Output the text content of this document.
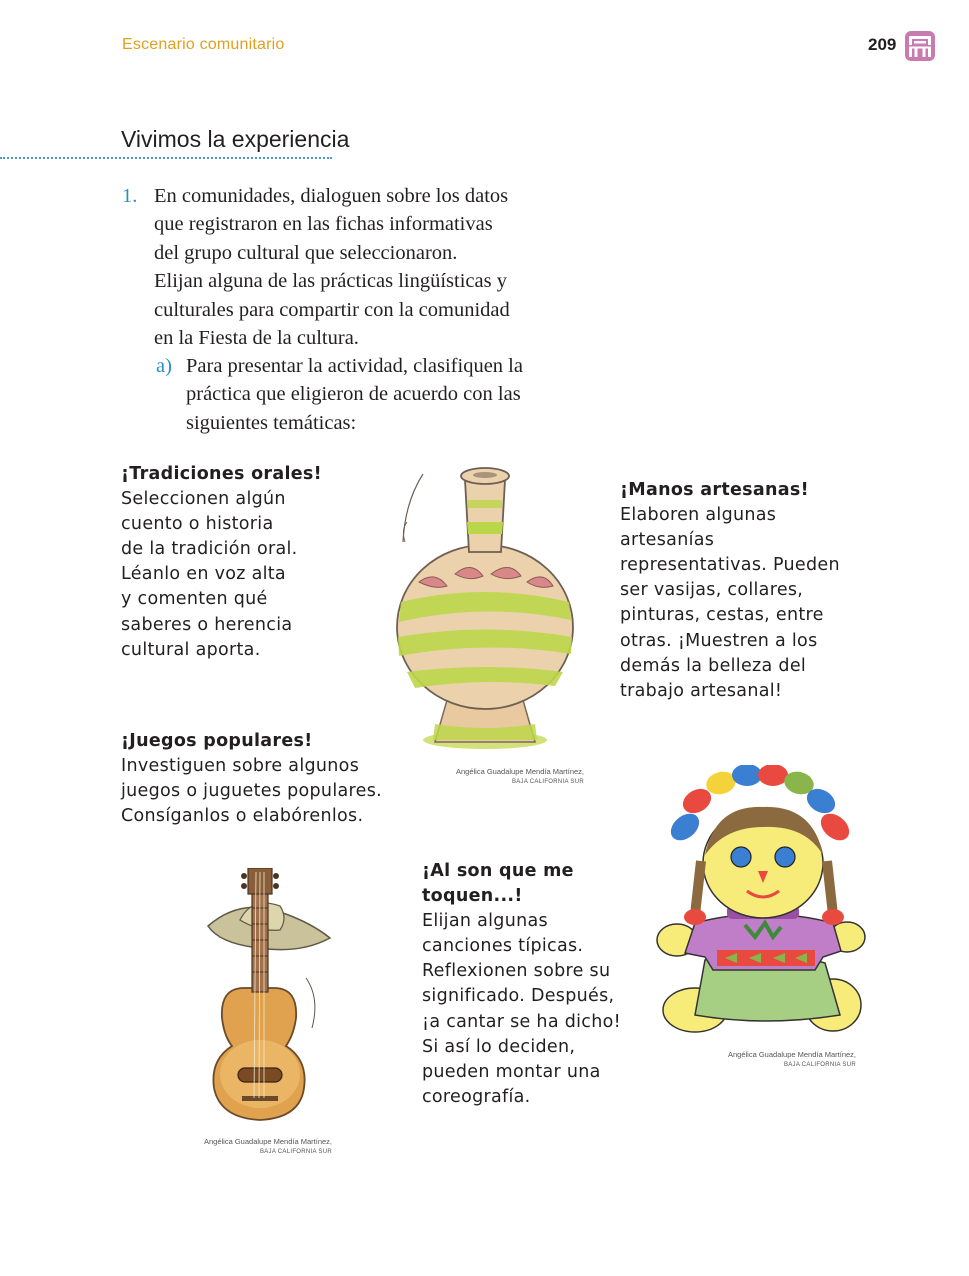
Escenario comunitario	209
Vivimos la experiencia
1. En comunidades, dialoguen sobre los datos
que registraron en las fichas informativas
del grupo cultural que seleccionaron.
Elijan alguna de las prácticas lingüísticas y
culturales para compartir con la comunidad
en la Fiesta de la cultura.
a) Para presentar la actividad, clasifiquen la
práctica que eligieron de acuerdo con las
siguientes temáticas:
¡Tradiciones orales!
Seleccionen algún
cuento o historia
de la tradición oral.
Léanlo en voz alta
y comenten qué
saberes o herencia
cultural aporta.
¡Manos artesanas!
Elaboren algunas
artesanías
representativas. Pueden
ser vasijas, collares,
pinturas, cestas, entre
otras. ¡Muestren a los
demás la belleza del
trabajo artesanal!
¡Juegos populares!
Investiguen sobre algunos
juegos o juguetes populares.
Consíganlos o elabórenlos.
¡Al son que me
toquen...!
Elijan algunas
canciones típicas.
Reflexionen sobre su
significado. Después,
¡a cantar se ha dicho!
Si así lo deciden,
pueden montar una
coreografía.
Angélica Guadalupe Mendía Martínez,
BAJA CALIFORNIA SUR
Angélica Guadalupe Mendía Martínez,
BAJA CALIFORNIA SUR
Angélica Guadalupe Mendía Martínez,
BAJA CALIFORNIA SUR
